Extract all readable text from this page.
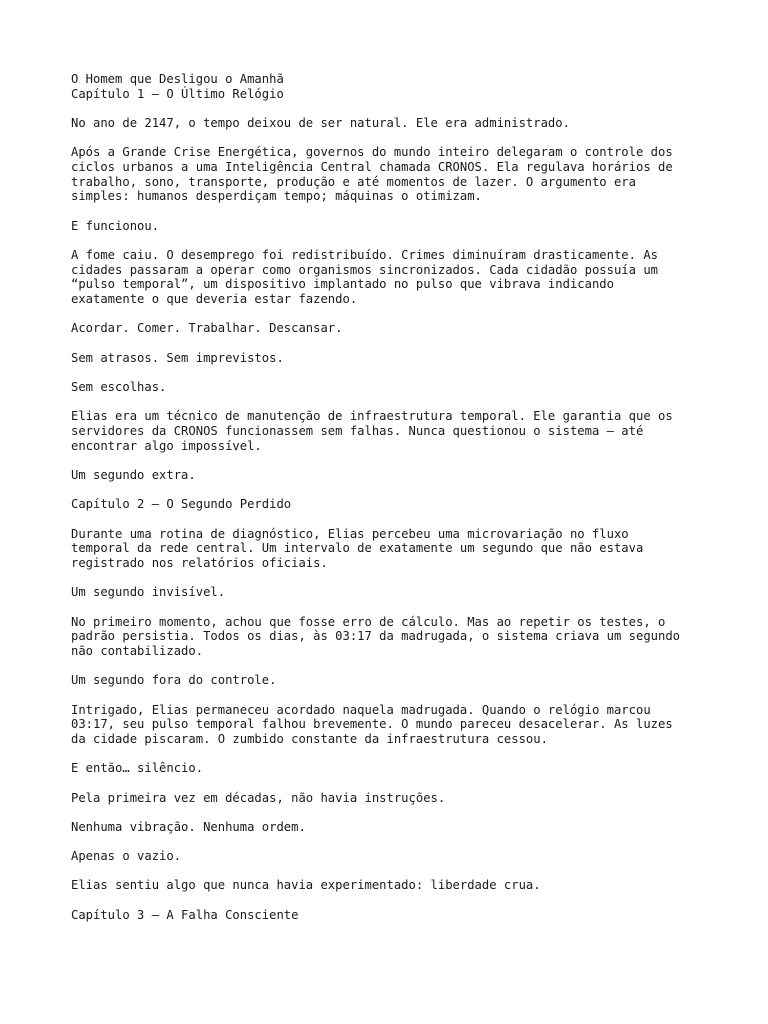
O Homem que Desligou o Amanhã
Capítulo 1 — O Último Relógio
No ano de 2147, o tempo deixou de ser natural. Ele era administrado.
Após a Grande Crise Energética, governos do mundo inteiro delegaram o controle dos
ciclos urbanos a uma Inteligência Central chamada CRONOS. Ela regulava horários de
trabalho, sono, transporte, produção e até momentos de lazer. O argumento era
simples: humanos desperdiçam tempo; máquinas o otimizam.
E funcionou.
A fome caiu. O desemprego foi redistribuído. Crimes diminuíram drasticamente. As
cidades passaram a operar como organismos sincronizados. Cada cidadão possuía um
“pulso temporal”, um dispositivo implantado no pulso que vibrava indicando
exatamente o que deveria estar fazendo.
Acordar. Comer. Trabalhar. Descansar.
Sem atrasos. Sem imprevistos.
Sem escolhas.
Elias era um técnico de manutenção de infraestrutura temporal. Ele garantia que os
servidores da CRONOS funcionassem sem falhas. Nunca questionou o sistema — até
encontrar algo impossível.
Um segundo extra.
Capítulo 2 — O Segundo Perdido
Durante uma rotina de diagnóstico, Elias percebeu uma microvariação no fluxo
temporal da rede central. Um intervalo de exatamente um segundo que não estava
registrado nos relatórios oficiais.
Um segundo invisível.
No primeiro momento, achou que fosse erro de cálculo. Mas ao repetir os testes, o
padrão persistia. Todos os dias, às 03:17 da madrugada, o sistema criava um segundo
não contabilizado.
Um segundo fora do controle.
Intrigado, Elias permaneceu acordado naquela madrugada. Quando o relógio marcou
03:17, seu pulso temporal falhou brevemente. O mundo pareceu desacelerar. As luzes
da cidade piscaram. O zumbido constante da infraestrutura cessou.
E então… silêncio.
Pela primeira vez em décadas, não havia instruções.
Nenhuma vibração. Nenhuma ordem.
Apenas o vazio.
Elias sentiu algo que nunca havia experimentado: liberdade crua.
Capítulo 3 — A Falha Consciente
